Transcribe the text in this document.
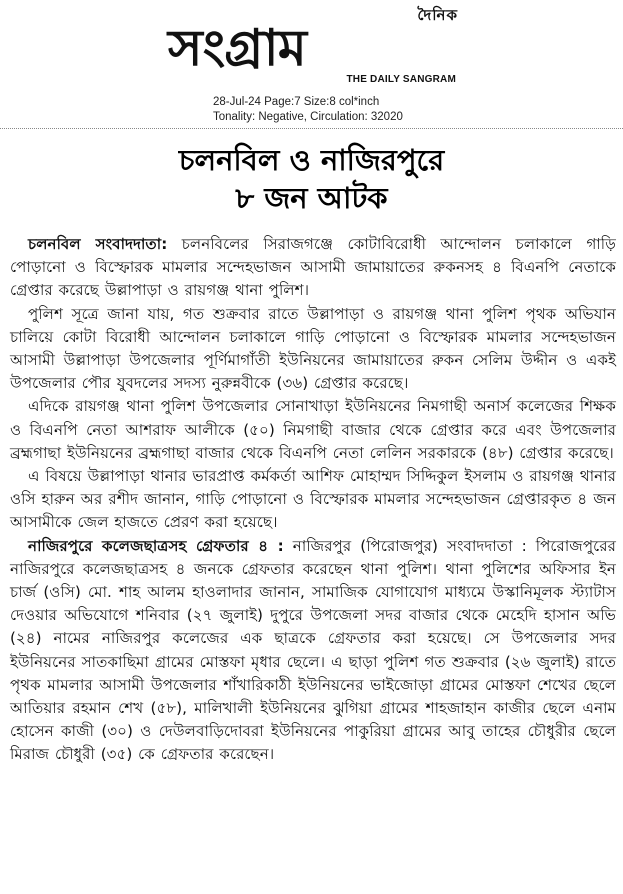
দৈনিক
সংগ্রাম
THE DAILY SANGRAM
28-Jul-24 Page:7 Size:8 col*inch
Tonality: Negative, Circulation: 32020
চলনবিল ও নাজিরপুরে
৮ জন আটক

চলনবিল সংবাদদাতা: চলনবিলের সিরাজগঞ্জে কোটাবিরোধী আন্দোলন চলাকালে গাড়ি পোড়ানো ও বিস্ফোরক মামলার সন্দেহভাজন আসামী জামায়াতের রুকনসহ ৪ বিএনপি নেতাকে গ্রেপ্তার করেছে উল্লাপাড়া ও রায়গঞ্জ থানা পুলিশ।

পুলিশ সূত্রে জানা যায়, গত শুক্রবার রাতে উল্লাপাড়া ও রায়গঞ্জ থানা পুলিশ পৃথক অভিযান চালিয়ে কোটা বিরোধী আন্দোলন চলাকালে গাড়ি পোড়ানো ও বিস্ফোরক মামলার সন্দেহভাজন আসামী উল্লাপাড়া উপজেলার পূর্ণিমাগাঁতী ইউনিয়নের জামায়াতের রুকন সেলিম উদ্দীন ও একই উপজেলার পৌর যুবদলের সদস্য নুরুন্নবীকে (৩৬) গ্রেপ্তার করেছে।

এদিকে রায়গঞ্জ থানা পুলিশ উপজেলার সোনাখাড়া ইউনিয়নের নিমগাছী অনার্স কলেজের শিক্ষক ও বিএনপি নেতা আশরাফ আলীকে (৫০) নিমগাছী বাজার থেকে গ্রেপ্তার করে এবং উপজেলার ব্রহ্মগাছা ইউনিয়নের ব্রহ্মগাছা বাজার থেকে বিএনপি নেতা লেলিন সরকারকে (৪৮) গ্রেপ্তার করেছে।

এ বিষয়ে উল্লাপাড়া থানার ভারপ্রাপ্ত কর্মকর্তা আশিফ মোহাম্মদ সিদ্দিকুল ইসলাম ও রায়গঞ্জ থানার ওসি হারুন অর রশীদ জানান, গাড়ি পোড়ানো ও বিস্ফোরক মামলার সন্দেহভাজন গ্রেপ্তারকৃত ৪ জন আসামীকে জেল হাজতে প্রেরণ করা হয়েছে।

নাজিরপুরে কলেজছাত্রসহ গ্রেফতার ৪ : নাজিরপুর (পিরোজপুর) সংবাদদাতা : পিরোজপুরের নাজিরপুরে কলেজছাত্রসহ ৪ জনকে গ্রেফতার করেছেন থানা পুলিশ। থানা পুলিশের অফিসার ইন চার্জ (ওসি) মো. শাহ আলম হাওলাদার জানান, সামাজিক যোগাযোগ মাধ্যমে উস্কানিমূলক স্ট্যাটাস দেওয়ার অভিযোগে শনিবার (২৭ জুলাই) দুপুরে উপজেলা সদর বাজার থেকে মেহেদি হাসান অভি (২৪) নামের নাজিরপুর কলেজের এক ছাত্রকে গ্রেফতার করা হয়েছে। সে উপজেলার সদর ইউনিয়নের সাতকাছিমা গ্রামের মোস্তফা মৃধার ছেলে। এ ছাড়া পুলিশ গত শুক্রবার (২৬ জুলাই) রাতে পৃথক মামলার আসামী উপজেলার শাঁখারিকাঠী ইউনিয়নের ভাইজোড়া গ্রামের মোস্তফা শেখের ছেলে আতিয়ার রহমান শেখ (৫৮), মালিখালী ইউনিয়নের ঝুগিয়া গ্রামের শাহজাহান কাজীর ছেলে এনাম হোসেন কাজী (৩০) ও দেউলবাড়িদোবরা ইউনিয়নের পাকুরিয়া গ্রামের আবু তাহের চৌধুরীর ছেলে মিরাজ চৌধুরী (৩৫) কে গ্রেফতার করেছেন।
